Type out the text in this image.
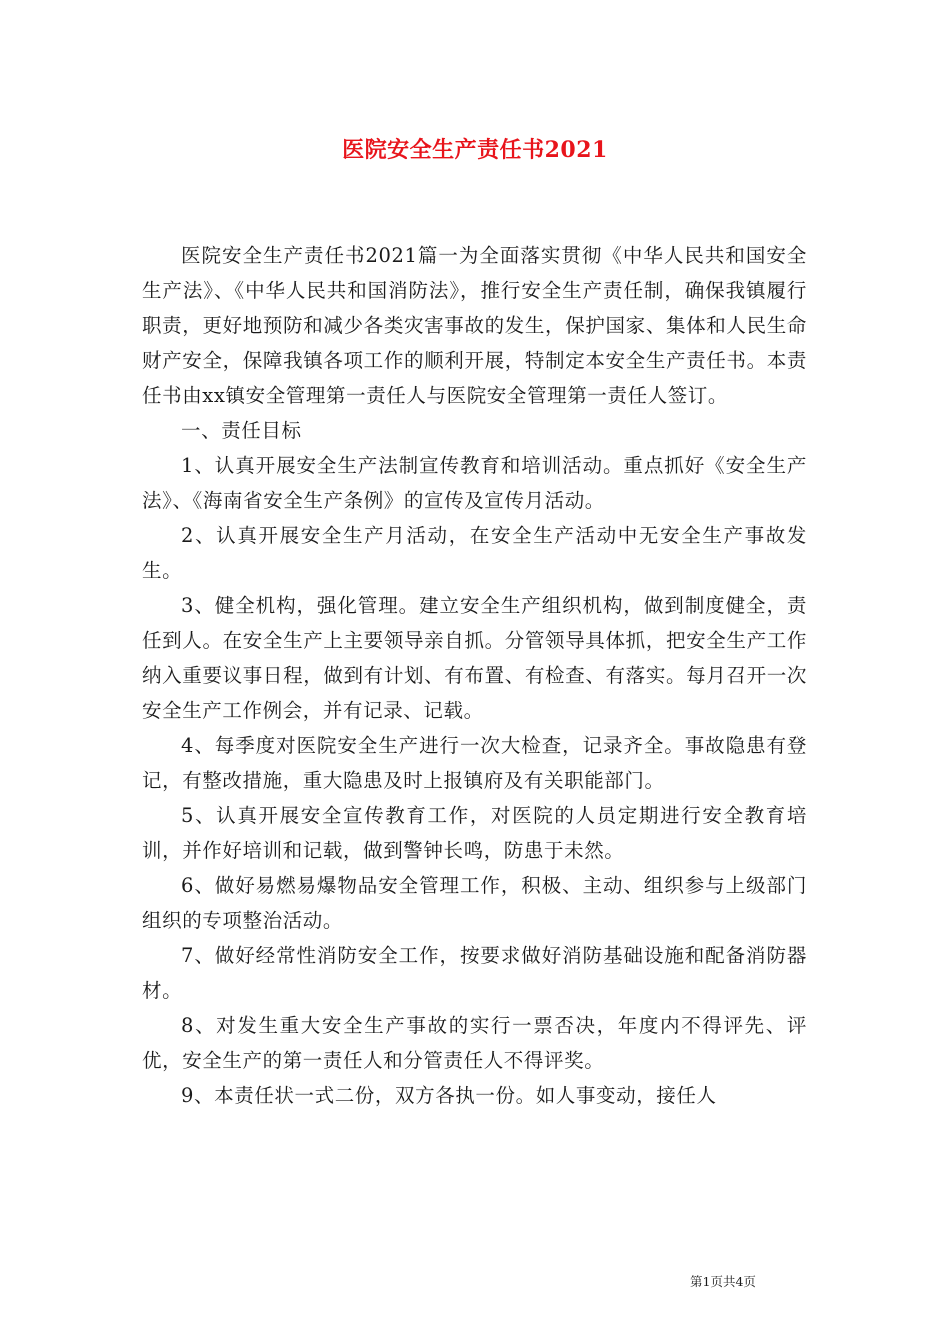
医院安全生产责任书2021

医院安全生产责任书2021篇一为全面落实贯彻《中华人民共和国安全生产法》、《中华人民共和国消防法》，推行安全生产责任制，确保我镇履行职责，更好地预防和减少各类灾害事故的发生，保护国家、集体和人民生命财产安全，保障我镇各项工作的顺利开展，特制定本安全生产责任书。本责任书由xx镇安全管理第一责任人与医院安全管理第一责任人签订。

一、责任目标

1、认真开展安全生产法制宣传教育和培训活动。重点抓好《安全生产法》、《海南省安全生产条例》的宣传及宣传月活动。

2、认真开展安全生产月活动，在安全生产活动中无安全生产事故发生。

3、健全机构，强化管理。建立安全生产组织机构，做到制度健全，责任到人。在安全生产上主要领导亲自抓。分管领导具体抓，把安全生产工作纳入重要议事日程，做到有计划、有布置、有检查、有落实。每月召开一次安全生产工作例会，并有记录、记载。

4、每季度对医院安全生产进行一次大检查，记录齐全。事故隐患有登记，有整改措施，重大隐患及时上报镇府及有关职能部门。

5、认真开展安全宣传教育工作，对医院的人员定期进行安全教育培训，并作好培训和记载，做到警钟长鸣，防患于未然。

6、做好易燃易爆物品安全管理工作，积极、主动、组织参与上级部门组织的专项整治活动。

7、做好经常性消防安全工作，按要求做好消防基础设施和配备消防器材。

8、对发生重大安全生产事故的实行一票否决，年度内不得评先、评优，安全生产的第一责任人和分管责任人不得评奖。

9、本责任状一式二份，双方各执一份。如人事变动，接任人

第1页共4页
